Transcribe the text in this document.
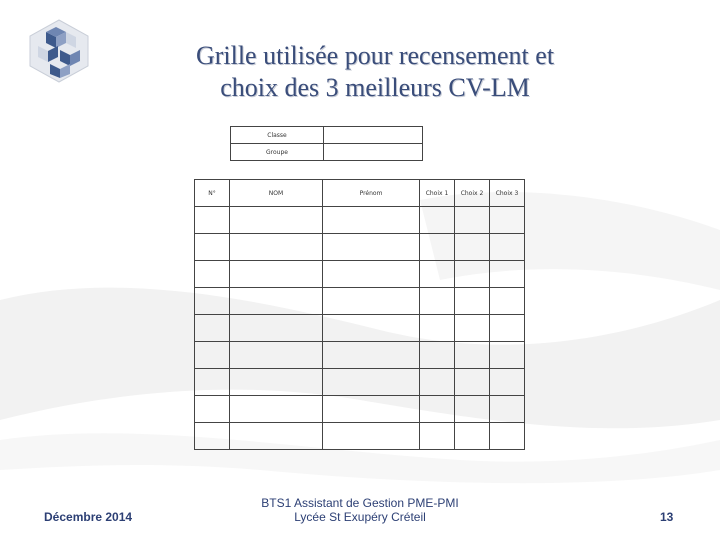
Grille utilisée pour recensement et
choix des 3 meilleurs CV-LM
Classe	
Groupe	
N°	NOM	Prénom	Choix 1	Choix 2	Choix 3

Décembre 2014
BTS1 Assistant de Gestion PME-PMI
Lycée St Exupéry Créteil	13
